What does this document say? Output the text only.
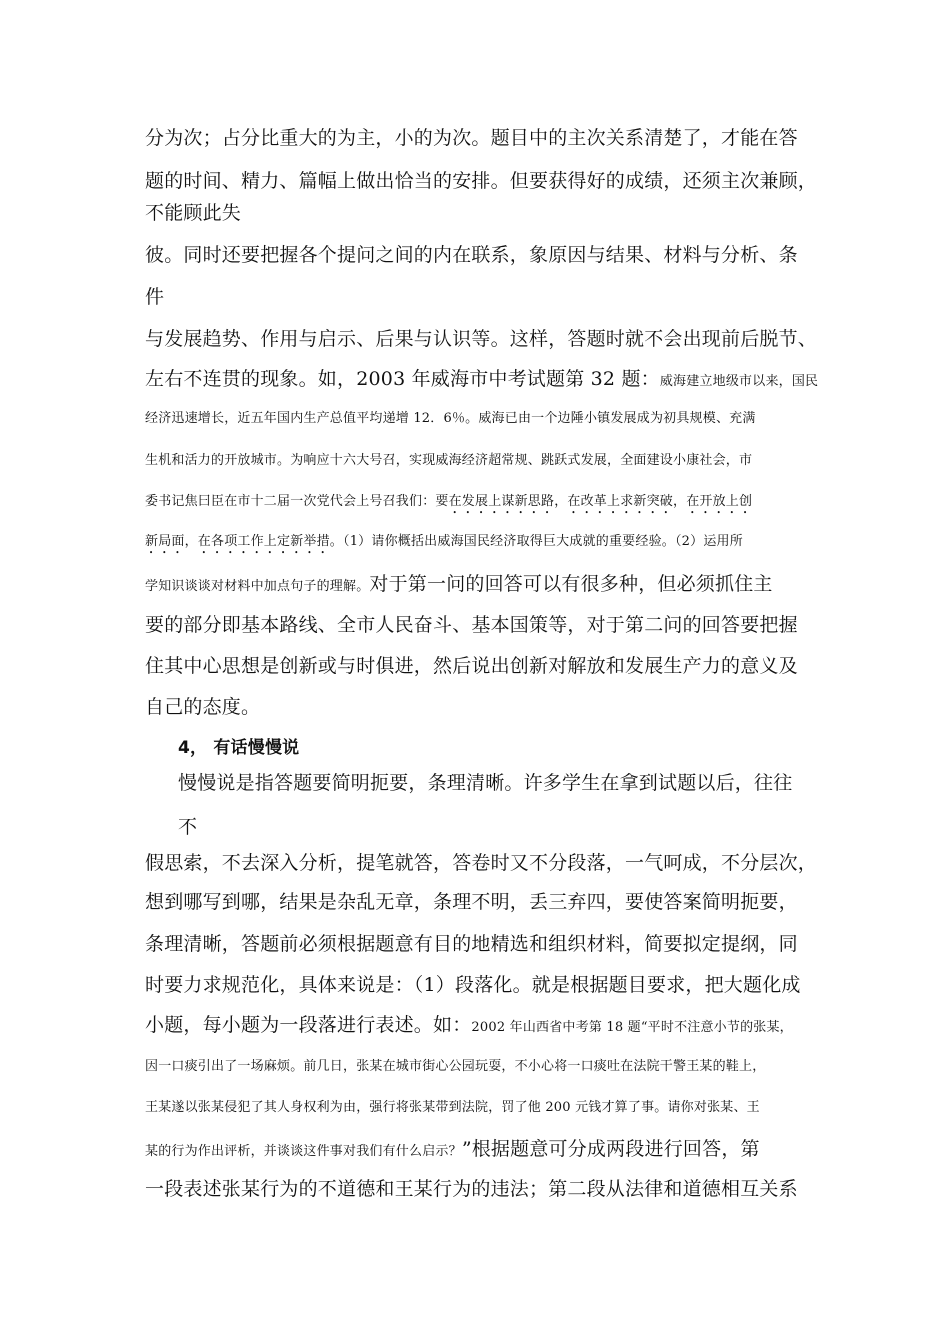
分为次；占分比重大的为主，小的为次。题目中的主次关系清楚了，才能在答
题的时间、精力、篇幅上做出恰当的安排。但要获得好的成绩，还须主次兼顾，
不能顾此失
彼。同时还要把握各个提问之间的内在联系，象原因与结果、材料与分析、条
件
与发展趋势、作用与启示、后果与认识等。这样，答题时就不会出现前后脱节、
左右不连贯的现象。如，2003 年威海市中考试题第 32 题：威海建立地级市以来，国民
经济迅速增长，近五年国内生产总值平均递增 12．6％。威海已由一个边陲小镇发展成为初具规模、充满
生机和活力的开放城市。为响应十六大号召，实现威海经济超常规、跳跃式发展，全面建设小康社会，市
委书记焦曰臣在市十二届一次党代会上号召我们：要在发展上谋新思路，在改革上求新突破，在开放上创
新局面，在各项工作上定新举措。（1）请你概括出威海国民经济取得巨大成就的重要经验。（2）运用所
学知识谈谈对材料中加点句子的理解。对于第一问的回答可以有很多种，但必须抓住主
要的部分即基本路线、全市人民奋斗、基本国策等，对于第二问的回答要把握
住其中心思想是创新或与时俱进，然后说出创新对解放和发展生产力的意义及
自己的态度。
4， 有话慢慢说
慢慢说是指答题要简明扼要，条理清晰。许多学生在拿到试题以后，往往
不
假思索，不去深入分析，提笔就答，答卷时又不分段落，一气呵成，不分层次，
想到哪写到哪，结果是杂乱无章，条理不明，丢三弃四，要使答案简明扼要，
条理清晰，答题前必须根据题意有目的地精选和组织材料，简要拟定提纲，同
时要力求规范化，具体来说是：（1）段落化。就是根据题目要求，把大题化成
小题，每小题为一段落进行表述。如：2002 年山西省中考第 18 题“平时不注意小节的张某，
因一口痰引出了一场麻烦。前几日，张某在城市街心公园玩耍，不小心将一口痰吐在法院干警王某的鞋上，
王某遂以张某侵犯了其人身权利为由，强行将张某带到法院，罚了他 200 元钱才算了事。请你对张某、王
某的行为作出评析，并谈谈这件事对我们有什么启示？”根据题意可分成两段进行回答，第
一段表述张某行为的不道德和王某行为的违法；第二段从法律和道德相互关系
